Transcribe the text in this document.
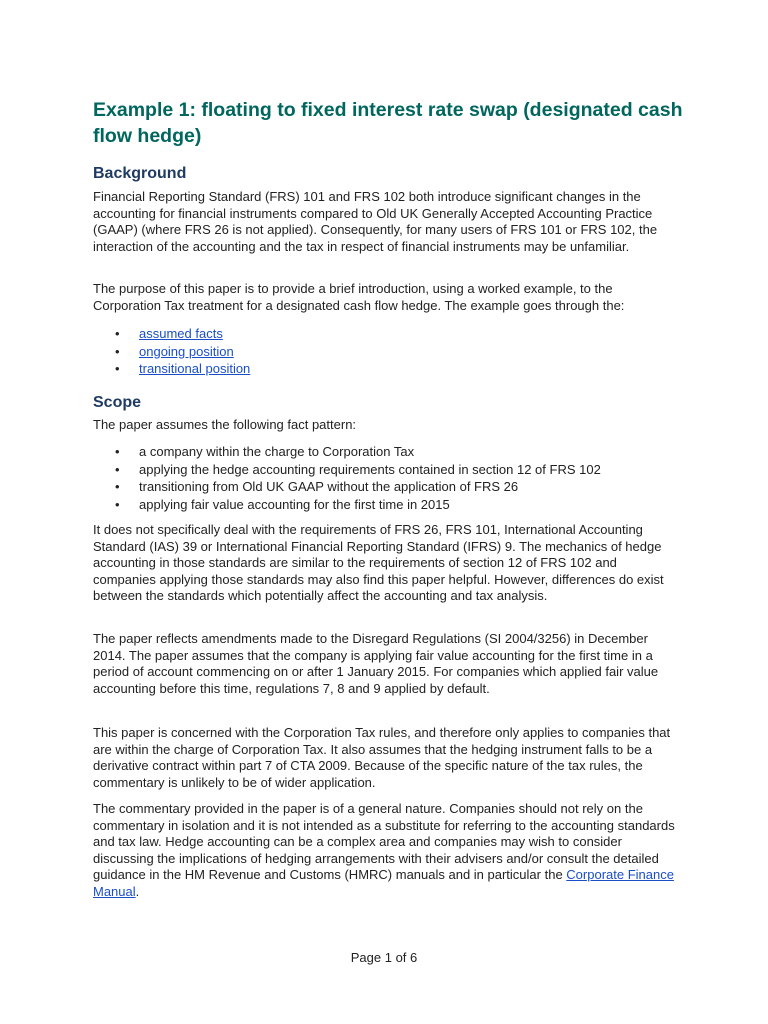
Example 1: floating to fixed interest rate swap (designated cash flow hedge)
Background

Financial Reporting Standard (FRS) 101 and FRS 102 both introduce significant changes in the accounting for financial instruments compared to Old UK Generally Accepted Accounting Practice (GAAP) (where FRS 26 is not applied). Consequently, for many users of FRS 101 or FRS 102, the interaction of the accounting and the tax in respect of financial instruments may be unfamiliar.

The purpose of this paper is to provide a brief introduction, using a worked example, to the Corporation Tax treatment for a designated cash flow hedge. The example goes through the:

• assumed facts
• ongoing position
• transitional position
Scope

The paper assumes the following fact pattern:

• a company within the charge to Corporation Tax
• applying the hedge accounting requirements contained in section 12 of FRS 102
• transitioning from Old UK GAAP without the application of FRS 26
• applying fair value accounting for the first time in 2015

It does not specifically deal with the requirements of FRS 26, FRS 101, International Accounting Standard (IAS) 39 or International Financial Reporting Standard (IFRS) 9. The mechanics of hedge accounting in those standards are similar to the requirements of section 12 of FRS 102 and companies applying those standards may also find this paper helpful. However, differences do exist between the standards which potentially affect the accounting and tax analysis.

The paper reflects amendments made to the Disregard Regulations (SI 2004/3256) in December 2014. The paper assumes that the company is applying fair value accounting for the first time in a period of account commencing on or after 1 January 2015. For companies which applied fair value accounting before this time, regulations 7, 8 and 9 applied by default.

This paper is concerned with the Corporation Tax rules, and therefore only applies to companies that are within the charge of Corporation Tax. It also assumes that the hedging instrument falls to be a derivative contract within part 7 of CTA 2009. Because of the specific nature of the tax rules, the commentary is unlikely to be of wider application.

The commentary provided in the paper is of a general nature. Companies should not rely on the commentary in isolation and it is not intended as a substitute for referring to the accounting standards and tax law. Hedge accounting can be a complex area and companies may wish to consider discussing the implications of hedging arrangements with their advisers and/or consult the detailed guidance in the HM Revenue and Customs (HMRC) manuals and in particular the Corporate Finance Manual.

Page 1 of 6
